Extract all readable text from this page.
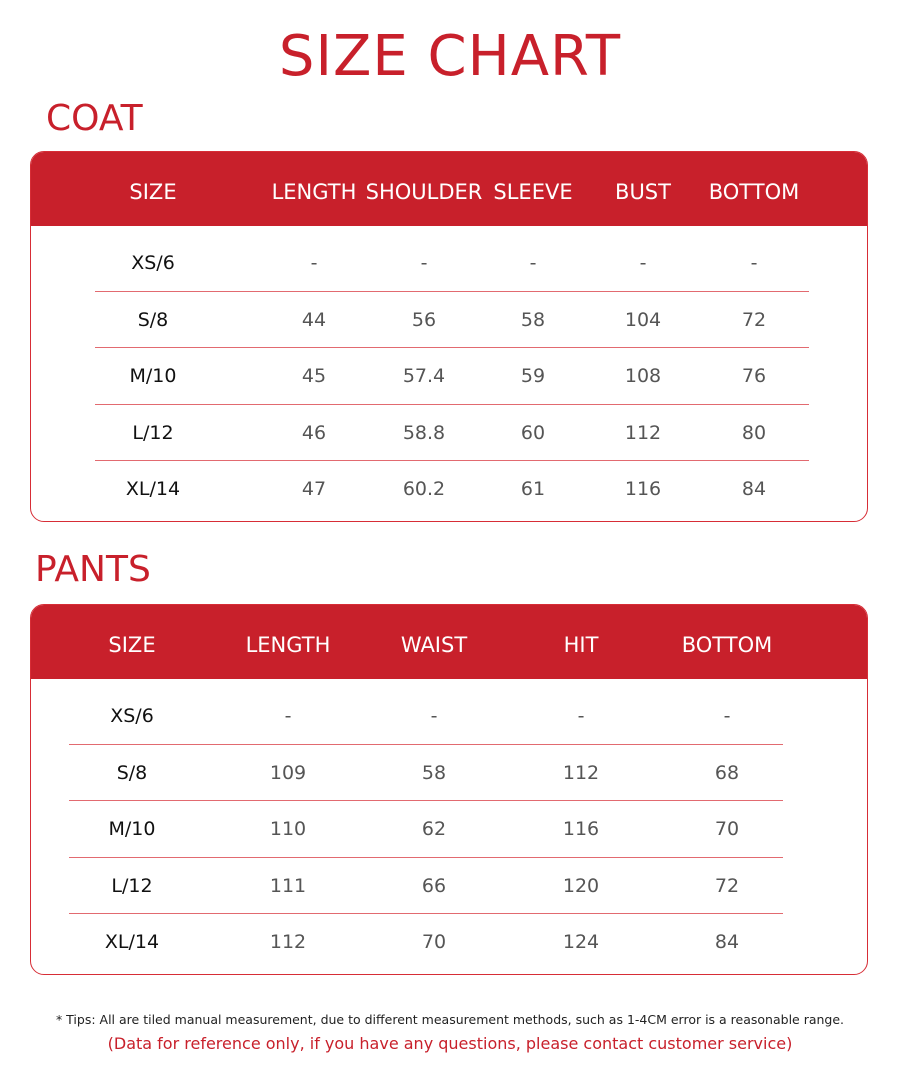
SIZE CHART
COAT
SIZE	LENGTH SHOULDER SLEEVE BUST BOTTOM
XS/6	-	-	-	-	-
S/8	44	56	58	104	72
M/10	45	57.4	59	108	76
L/12	46	58.8	60	112	80
XL/14	47	60.2	61	116	84
PANTS
SIZE	LENGTH	WAIST	HIT	BOTTOM
XS/6	-	-	-	-
S/8	109	58	112	68
M/10	110	62	116	70
L/12	111	66	120	72
XL/14	112	70	124	84
* Tips: All are tiled manual measurement, due to different measurement methods, such as 1-4CM error is a reasonable range.
(Data for reference only, if you have any questions, please contact customer service)
